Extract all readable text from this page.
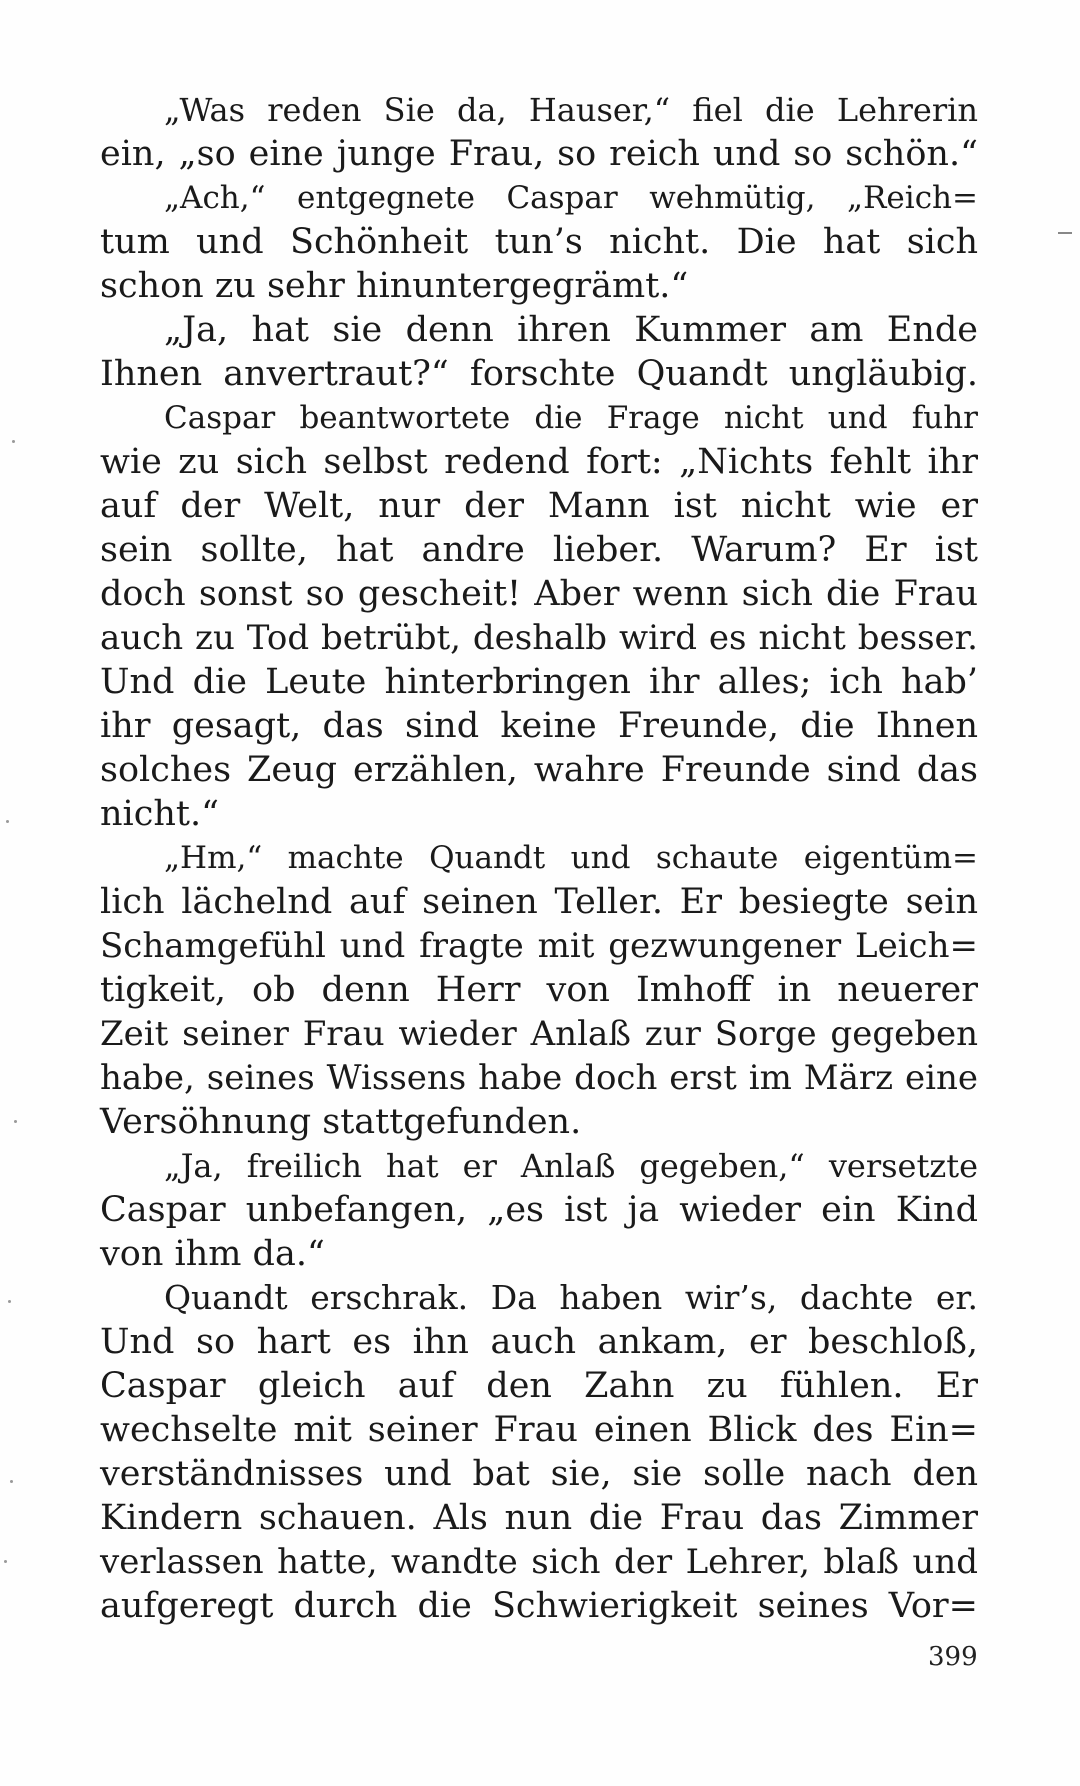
„Was reden Sie da, Hauser,“ fiel die Lehrerin
ein, „so eine junge Frau, so reich und so schön.“
„Ach,“ entgegnete Caspar wehmütig, „Reich=
tum und Schönheit tun’s nicht. Die hat sich
schon zu sehr hinuntergegrämt.“
„Ja, hat sie denn ihren Kummer am Ende
Ihnen anvertraut?“ forschte Quandt ungläubig.
Caspar beantwortete die Frage nicht und fuhr
wie zu sich selbst redend fort: „Nichts fehlt ihr
auf der Welt, nur der Mann ist nicht wie er
sein sollte, hat andre lieber. Warum? Er ist
doch sonst so gescheit! Aber wenn sich die Frau
auch zu Tod betrübt, deshalb wird es nicht besser.
Und die Leute hinterbringen ihr alles; ich hab’
ihr gesagt, das sind keine Freunde, die Ihnen
solches Zeug erzählen, wahre Freunde sind das
nicht.“
„Hm,“ machte Quandt und schaute eigentüm=
lich lächelnd auf seinen Teller. Er besiegte sein
Schamgefühl und fragte mit gezwungener Leich=
tigkeit, ob denn Herr von Imhoff in neuerer
Zeit seiner Frau wieder Anlaß zur Sorge gegeben
habe, seines Wissens habe doch erst im März eine
Versöhnung stattgefunden.
„Ja, freilich hat er Anlaß gegeben,“ versetzte
Caspar unbefangen, „es ist ja wieder ein Kind
von ihm da.“
Quandt erschrak. Da haben wir’s, dachte er.
Und so hart es ihn auch ankam, er beschloß,
Caspar gleich auf den Zahn zu fühlen. Er
wechselte mit seiner Frau einen Blick des Ein=
verständnisses und bat sie, sie solle nach den
Kindern schauen. Als nun die Frau das Zimmer
verlassen hatte, wandte sich der Lehrer, blaß und
aufgeregt durch die Schwierigkeit seines Vor=
399
